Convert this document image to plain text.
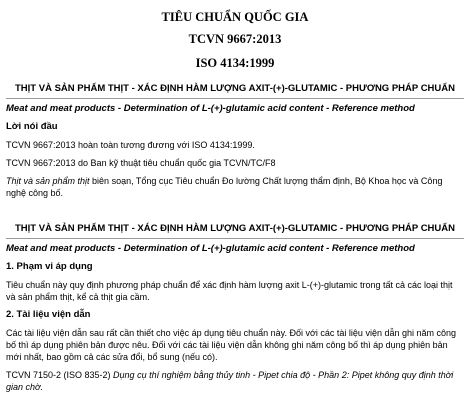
TIÊU CHUẨN QUỐC GIA
TCVN 9667:2013
ISO 4134:1999
THỊT VÀ SẢN PHẨM THỊT - XÁC ĐỊNH HÀM LƯỢNG AXIT-(+)-GLUTAMIC - PHƯƠNG PHÁP CHUẨN
Meat and meat products - Determination of L-(+)-glutamic acid content - Reference method
Lời nói đầu
TCVN 9667:2013 hoàn toàn tương đương với ISO 4134:1999.
TCVN 9667:2013 do Ban kỹ thuật tiêu chuẩn quốc gia TCVN/TC/F8
Thịt và sản phẩm thịt biên soạn, Tổng cục Tiêu chuẩn Đo lường Chất lượng thẩm định, Bộ Khoa học và Công nghệ công bố.
THỊT VÀ SẢN PHẨM THỊT - XÁC ĐỊNH HÀM LƯỢNG AXIT-(+)-GLUTAMIC - PHƯƠNG PHÁP CHUẨN
Meat and meat products - Determination of L-(+)-glutamic acid content - Reference method
1. Phạm vi áp dụng
Tiêu chuẩn này quy định phương pháp chuẩn để xác định hàm lượng axit L-(+)-glutamic trong tất cả các loại thịt và sản phẩm thịt, kể cả thịt gia cầm.
2. Tài liệu viện dẫn
Các tài liệu viện dẫn sau rất cần thiết cho việc áp dụng tiêu chuẩn này. Đối với các tài liệu viện dẫn ghi năm công bố thì áp dụng phiên bản được nêu. Đối với các tài liệu viện dẫn không ghi năm công bố thì áp dụng phiên bản mới nhất, bao gồm cả các sửa đổi, bổ sung (nếu có).
TCVN 7150-2 (ISO 835-2) Dụng cụ thí nghiệm bằng thủy tinh - Pipet chia độ - Phần 2: Pipet không quy định thời gian chờ.
